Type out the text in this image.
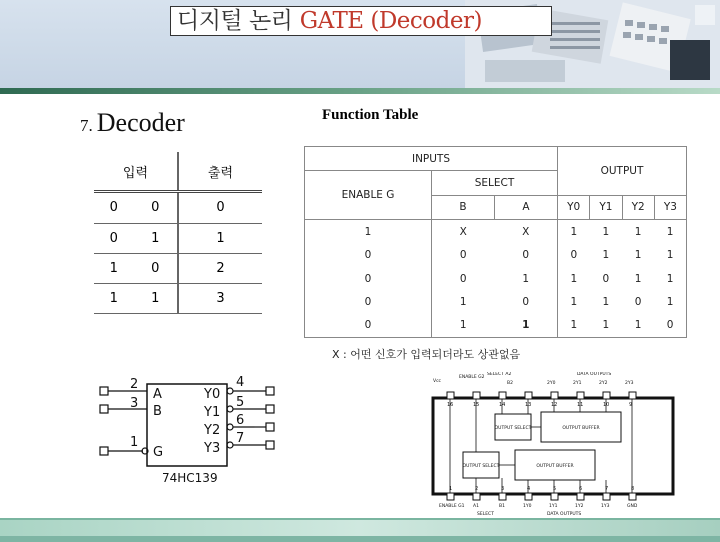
디지털 논리 GATE (Decoder)
7. Decoder	Function Table
입력		출력
0	0	0
0	1	1
1	0	2
1	1	3
INPUTS			OUTPUT			
ENABLE G	SELECT					
	B	A	Y0	Y1	Y2	Y3
1	X	X	1	1	1	1
0	0	0	0	1	1	1
0	0	1	1	0	1	1
0	1	0	1	1	0	1
0	1	1	1	1	1	0
X : 어떤 신호가 입력되더라도 상관없음
2
3
1
A
B
G
Y0
Y1
Y2
Y3
4
5
6
7
74HC139
Vcc
ENABLE G2
SELECT A2
B2
DATA OUTPUTS
2Y0	2Y1	2Y2	2Y3
16	15	14	13	12	11	10	9
1	2	3	4	5	6	7	8
OUTPUT SELECT	OUTPUT BUFFER
OUTPUT SELECT	OUTPUT BUFFER
ENABLE G1 A1	B1	1Y0	1Y1	1Y2	1Y3	GND
SELECT	DATA OUTPUTS
